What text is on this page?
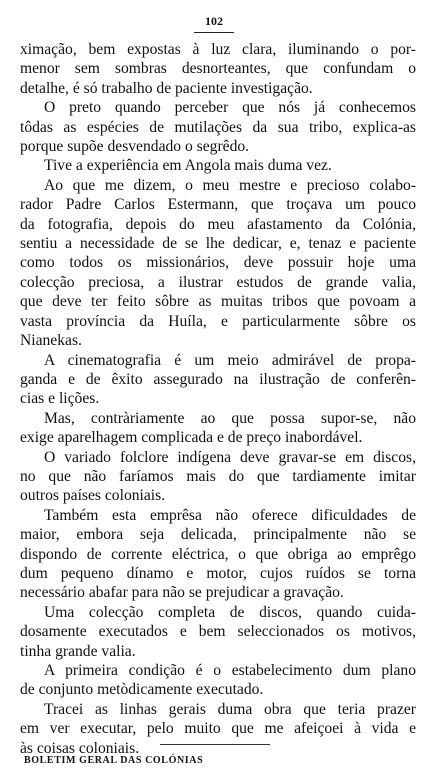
102
ximação, bem expostas à luz clara, iluminando o por-
menor sem sombras desnorteantes, que confundam o
detalhe, é só trabalho de paciente investigação.
O preto quando perceber que nós já conhecemos
tôdas as espécies de mutilações da sua tribo, explica-as
porque supõe desvendado o segrêdo.
Tive a experiência em Angola mais duma vez.
Ao que me dizem, o meu mestre e precioso colabo-
rador Padre Carlos Estermann, que troçava um pouco
da fotografia, depois do meu afastamento da Colónia,
sentiu a necessidade de se lhe dedicar, e, tenaz e paciente
como todos os missionários, deve possuir hoje uma
colecção preciosa, a ilustrar estudos de grande valia,
que deve ter feito sôbre as muitas tribos que povoam a
vasta província da Huíla, e particularmente sôbre os
Nianekas.
A cinematografia é um meio admirável de propa-
ganda e de êxito assegurado na ilustração de conferên-
cias e lições.
Mas, contràriamente ao que possa supor-se, não
exige aparelhagem complicada e de preço inabordável.
O variado folclore indígena deve gravar-se em discos,
no que não faríamos mais do que tardiamente imitar
outros países coloniais.
Também esta emprêsa não oferece dificuldades de
maior, embora seja delicada, principalmente não se
dispondo de corrente eléctrica, o que obriga ao emprêgo
dum pequeno dínamo e motor, cujos ruídos se torna
necessário abafar para não se prejudicar a gravação.
Uma colecção completa de discos, quando cuida-
dosamente executados e bem seleccionados os motivos,
tinha grande valia.
A primeira condição é o estabelecimento dum plano
de conjunto metòdicamente executado.
Tracei as linhas gerais duma obra que teria prazer
em ver executar, pelo muito que me afeiçoei à vida e
às coisas coloniais.
BOLETIM GERAL DAS COLÓNIAS
